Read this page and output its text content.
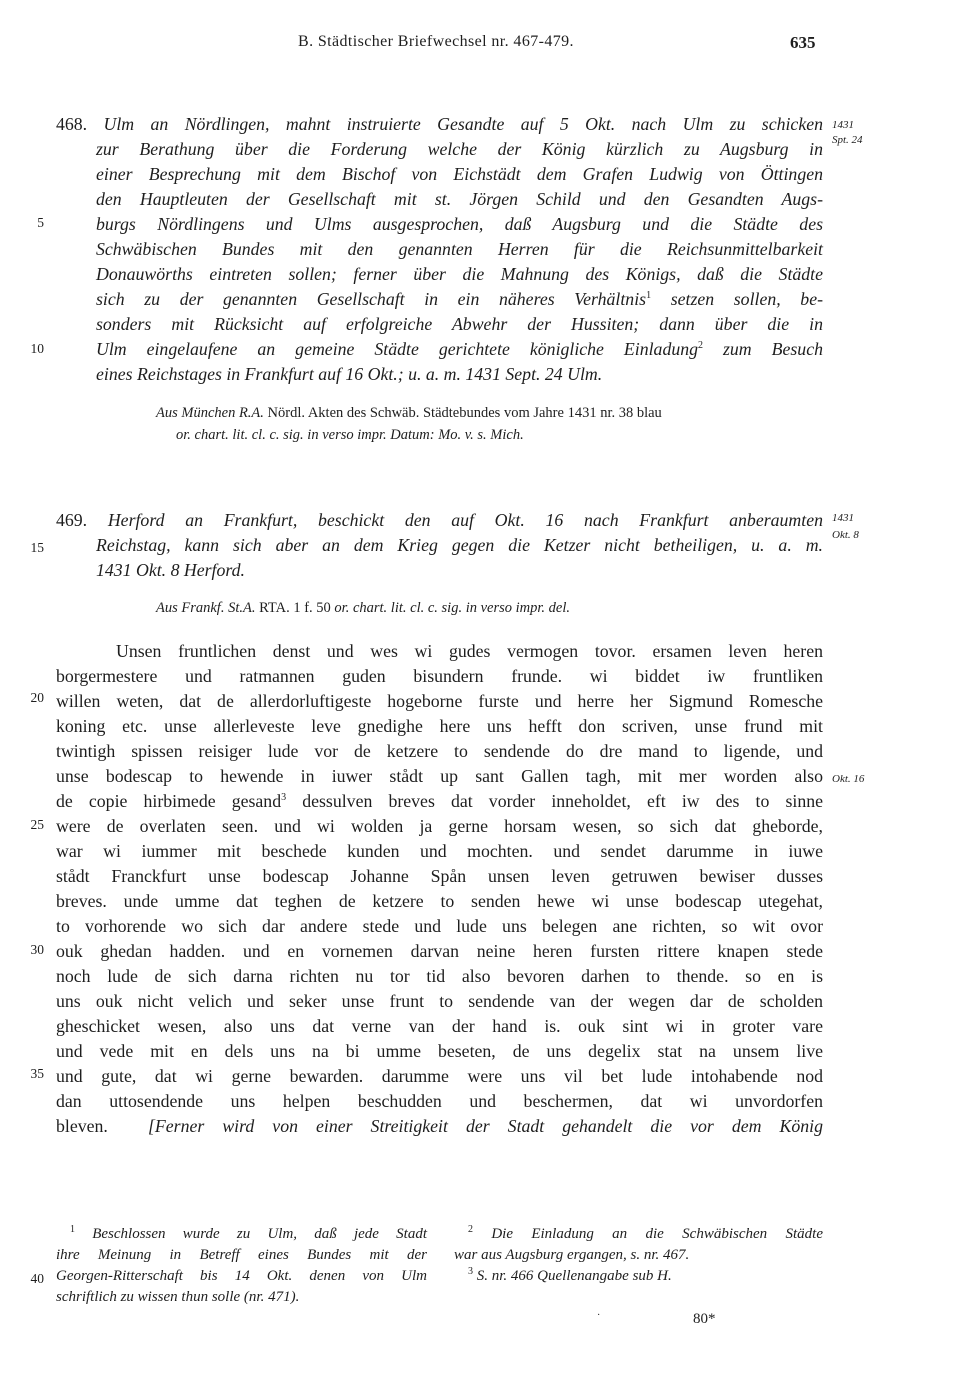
B. Städtischer Briefwechsel nr. 467-479.	635
5
10
15
20
25
30
35
40
1431
Spt. 24
1431
Okt. 8
Okt. 16
468. Ulm an Nördlingen, mahnt instruierte Gesandte auf 5 Okt. nach Ulm zu schicken
zur Berathung über die Forderung welche der König kürzlich zu Augsburg in
einer Besprechung mit dem Bischof von Eichstädt dem Grafen Ludwig von Öttingen
den Hauptleuten der Gesellschaft mit st. Jörgen Schild und den Gesandten Augs-
burgs Nördlingens und Ulms ausgesprochen, daß Augsburg und die Städte des
Schwäbischen Bundes mit den genannten Herren für die Reichsunmittelbarkeit
Donauwörths eintreten sollen; ferner über die Mahnung des Königs, daß die Städte
sich zu der genannten Gesellschaft in ein näheres Verhältnis$^1$ setzen sollen, be-
sonders mit Rücksicht auf erfolgreiche Abwehr der Hussiten; dann über die in
Ulm eingelaufene an gemeine Städte gerichtete königliche Einladung$^2$ zum Besuch
eines Reichstages in Frankfurt auf 16 Okt.; u. a. m. 1431 Sept. 24 Ulm.
Aus München R.A. Nördl. Akten des Schwäb. Städtebundes vom Jahre 1431 nr. 38 blau
or. chart. lit. cl. c. sig. in verso impr. Datum: Mo. v. s. Mich.
469. Herford an Frankfurt, beschickt den auf Okt. 16 nach Frankfurt anberaumten
Reichstag, kann sich aber an dem Krieg gegen die Ketzer nicht betheiligen, u. a. m.
1431 Okt. 8 Herford.
Aus Frankf. St.A. RTA. 1 f. 50 or. chart. lit. cl. c. sig. in verso impr. del.
Unsen fruntlichen denst und wes wi gudes vermogen tovor. ersamen leven heren
borgermestere und ratmannen guden bisundern frunde. wi biddet iw fruntliken
willen weten, dat de allerdorluftigeste hogeborne furste und herre her Sigmund Romesche
koning etc. unse allerleveste leve gnedighe here uns hefft don scriven, unse frund mit
twintigh spissen reisiger lude vor de ketzere to sendende do dre mand to ligende, und
unse bodescap to hewende in iuwer stådt up sant Gallen tagh, mit mer worden also
de copie hirbimede gesand$^3$ dessulven breves dat vorder inneholdet, eft iw des to sinne
were de overlaten seen. und wi wolden ja gerne horsam wesen, so sich dat gheborde,
war wi iummer mit beschede kunden und mochten. und sendet darumme in iuwe
stådt Franckfurt unse bodescap Johanne Spån unsen leven getruwen bewiser dusses
breves. unde umme dat teghen de ketzere to senden hewe wi unse bodescap utegehat,
to vorhorende wo sich dar andere stede und lude uns belegen ane richten, so wit ovor
ouk ghedan hadden. und en vornemen darvan neine heren fursten rittere knapen stede
noch lude de sich darna richten nu tor tid also bevoren darhen to thende. so en is
uns ouk nicht velich und seker unse frunt to sendende van der wegen dar de scholden
gheschicket wesen, also uns dat verne van der hand is. ouk sint wi in groter vare
und vede mit en dels uns na bi umme beseten, de uns degelix stat na unsem live
und gute, dat wi gerne bewarden. darumme were uns vil bet lude intohabende nod
dan uttosendende uns helpen beschudden und beschermen, dat wi unvordorfen
bleven.	[Ferner wird von einer Streitigkeit der Stadt gehandelt die vor dem König
$^1$ Beschlossen wurde zu Ulm, daß jede Stadt
ihre Meinung in Betreff eines Bundes mit der
Georgen-Ritterschaft bis 14 Okt. denen von Ulm
schriftlich zu wissen thun solle (nr. 471).
$^2$ Die Einladung an die Schwäbischen Städte
war aus Augsburg ergangen, s. nr. 467.
$^3$ S. nr. 466 Quellenangabe sub H.
·	80*
